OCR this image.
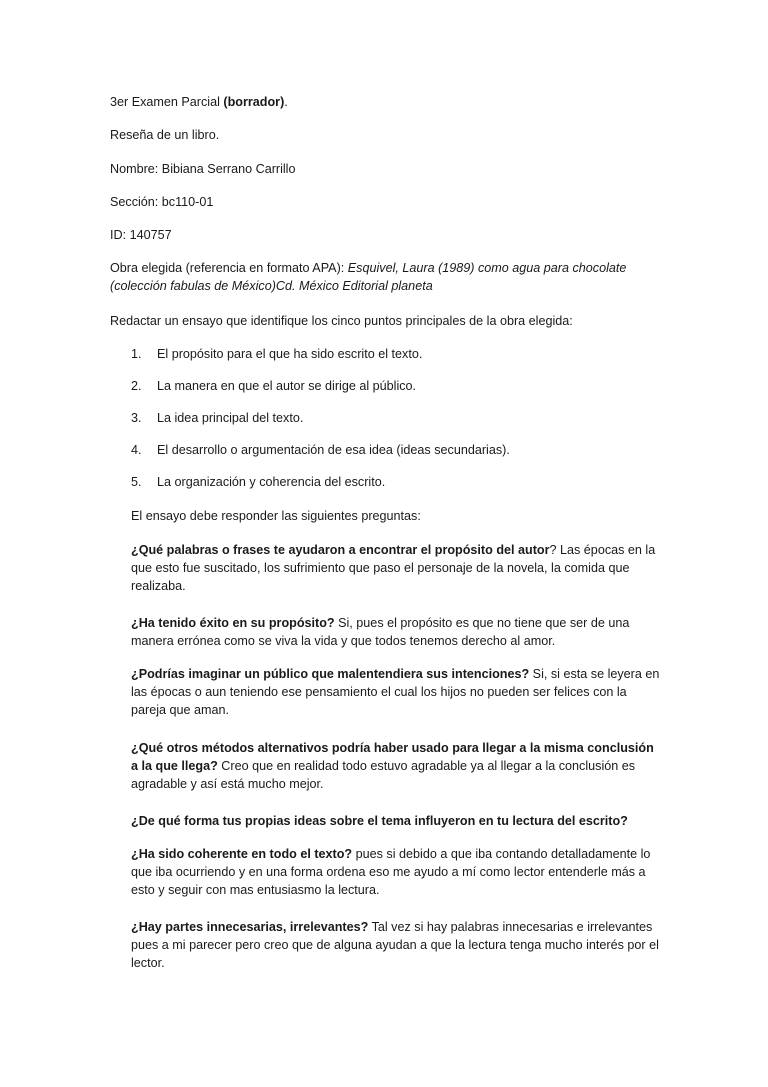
3er Examen Parcial (borrador).
Reseña de un libro.
Nombre: Bibiana Serrano Carrillo
Sección: bc110-01
ID: 140757
Obra elegida (referencia en formato APA): Esquivel, Laura (1989) como agua para chocolate
(colección fabulas de México)Cd. México Editorial planeta
Redactar un ensayo que identifique los cinco puntos principales de la obra elegida:
1. El propósito para el que ha sido escrito el texto.
2. La manera en que el autor se dirige al público.
3. La idea principal del texto.
4. El desarrollo o argumentación de esa idea (ideas secundarias).
5. La organización y coherencia del escrito.
El ensayo debe responder las siguientes preguntas:
¿Qué palabras o frases te ayudaron a encontrar el propósito del autor? Las épocas en la que esto fue suscitado, los sufrimiento que paso el personaje de la novela, la comida que realizaba.
¿Ha tenido éxito en su propósito? Si, pues el propósito es que no tiene que ser de una manera errónea como se viva la vida y que todos tenemos derecho al amor.
¿Podrías imaginar un público que malentendiera sus intenciones? Si, si esta se leyera en las épocas o aun teniendo ese pensamiento el cual los hijos no pueden ser felices con la pareja que aman.
¿Qué otros métodos alternativos podría haber usado para llegar a la misma conclusión a la que llega? Creo que en realidad todo estuvo agradable ya al llegar a la conclusión es agradable y así está mucho mejor.
¿De qué forma tus propias ideas sobre el tema influyeron en tu lectura del escrito?
¿Ha sido coherente en todo el texto? pues si debido a que iba contando detalladamente lo que iba ocurriendo y en una forma ordena eso me ayudo a mí como lector entenderle más a esto y seguir con mas entusiasmo la lectura.
¿Hay partes innecesarias, irrelevantes? Tal vez si hay palabras innecesarias e irrelevantes pues a mi parecer pero creo que de alguna ayudan a que la lectura tenga mucho interés por el lector.
